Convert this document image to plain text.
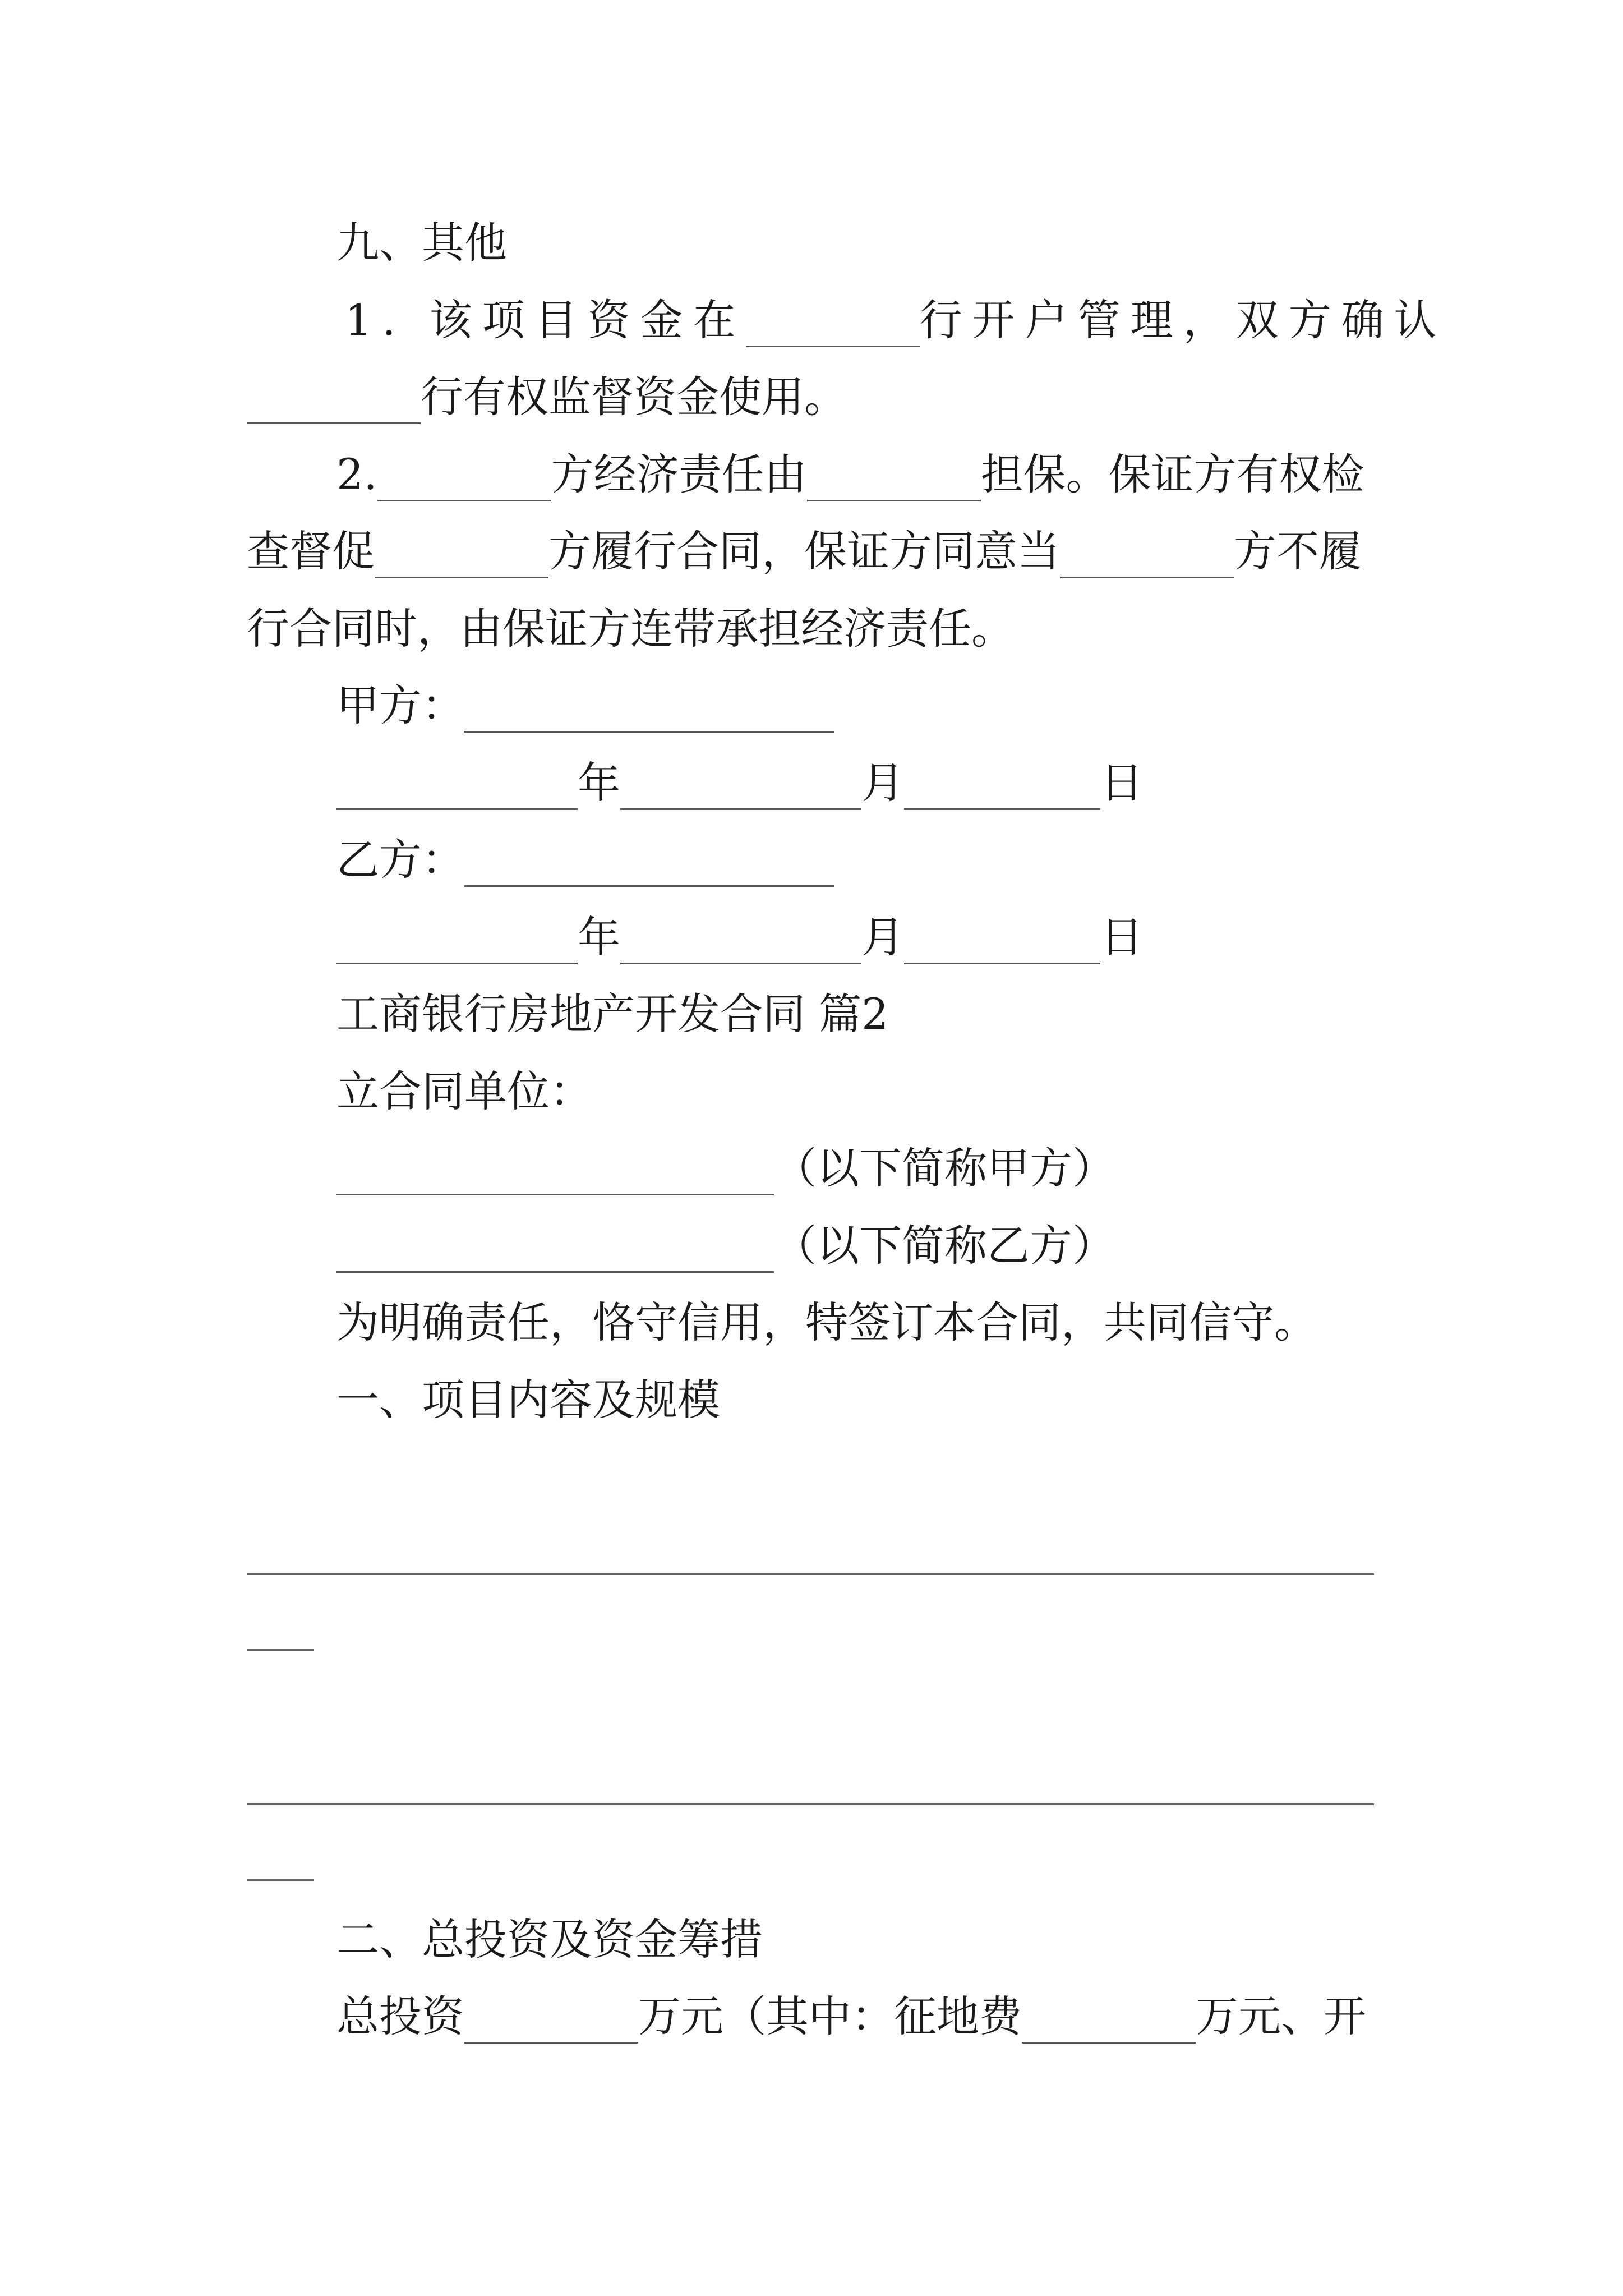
九、其他
1. 该项目资金在	行开户管理，双方确认
行有权监督资金使用。
2.	方经济责任由	担保。保证方有权检
查督促	方履行合同，保证方同意当	方不履
行合同时，由保证方连带承担经济责任。
甲方：
年	月	日
乙方：
年	月	日
工商银行房地产开发合同 篇2
立合同单位：
（以下简称甲方）
（以下简称乙方）
为明确责任，恪守信用，特签订本合同，共同信守。
一、项目内容及规模
二、总投资及资金筹措
总投资	万元（其中：征地费	万元、开
